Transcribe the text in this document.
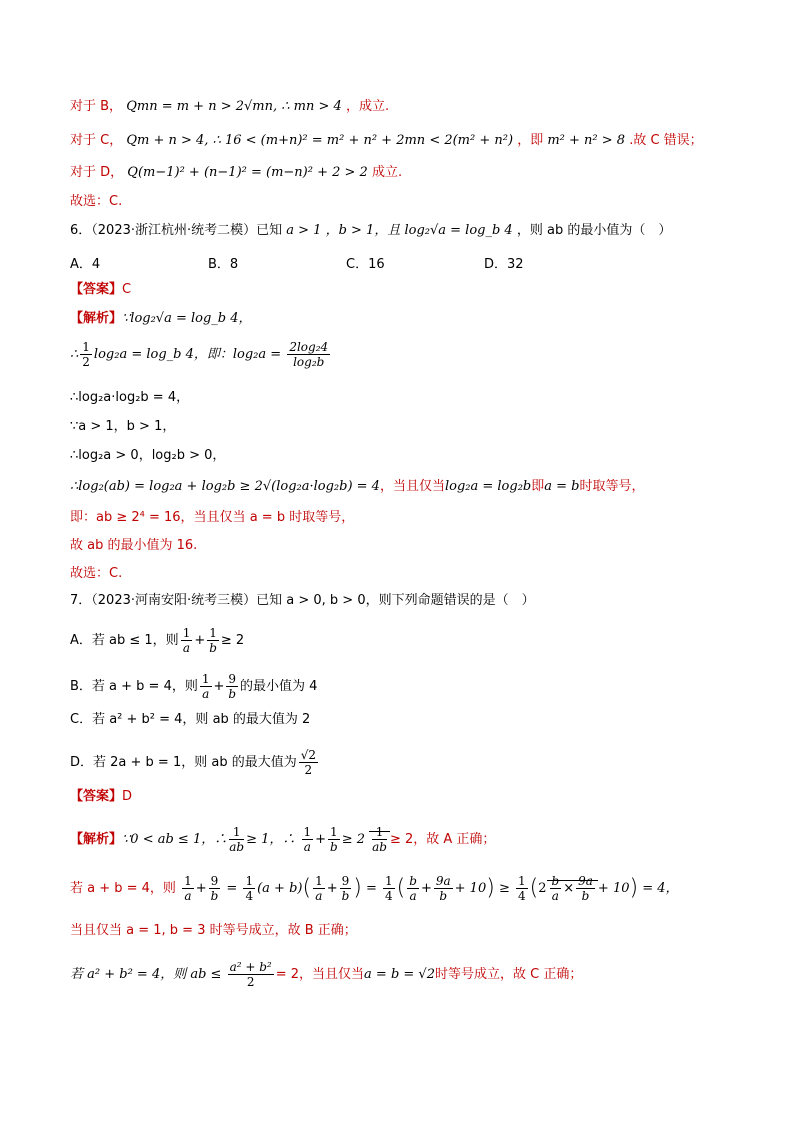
对于 B， Qmn = m + n > 2√mn, ∴ mn > 4 ，成立.
对于 C， Qm + n > 4, ∴ 16 < (m+n)² = m² + n² + 2mn < 2(m² + n²) ，即 m² + n² > 8 .故 C 错误；
对于 D， Q(m−1)² + (n−1)² = (m−n)² + 2 > 2 成立.
故选：C.
6．（2023·浙江杭州·统考二模）已知 a > 1 ，b > 1，且 log₂√a = log_b 4 ，则 ab 的最小值为（　）
A．4	B．8	C．16	D．32
【答案】C
【解析】∵log₂√a = log_b 4，
∴ $\frac{1}{2} \log_2a$ = log_b 4，即：$\log_2a = \frac{\text{2log₂4}}{\text{log₂b}}$
∴log₂a·log₂b = 4，
∵a > 1，b > 1，
∴log₂a > 0，log₂b > 0，
∴log₂(ab) = log₂a + log₂b ≥ 2√(log₂a·log₂b) = 4，当且仅当log₂a = log₂b即a = b时取等号，
即：ab ≥ 2⁴ = 16，当且仅当 a = b 时取等号，
故 ab 的最小值为 16.
故选：C.
7．（2023·河南安阳·统考三模）已知 a > 0, b > 0，则下列命题错误的是（　）
A．若 ab ≤ 1，则 $\frac{1}{a} + \frac{1}{b} \ge 2$
B．若 a + b = 4，则 $\frac{1}{a} + \frac{9}{b}$ 的最小值为 4
C．若 a² + b² = 4，则 ab 的最大值为 2
D．若 2a + b = 1，则 ab 的最大值为 $\frac{√2}{2}$
【答案】D
【解析】∵0 < ab ≤ 1，∴ $\frac{1}{ab} \ge 1$，∴ $\frac{1}{a} + \frac{1}{b} \ge 2 \frac{1}{ab} \ge 2$，故 A 正确；
若 a + b = 4，则 $\frac{1}{a} + \frac{9}{b} = \frac{1}{4} (a + b)( \frac{1}{a} + \frac{9}{b}$ ) = $\frac{1}{4}$ ( $\frac{b}{a} + \frac{9a}{b} + 10) \ge \frac{1}{4} (2 \frac{b}{a} \times \frac{9a}{b} + 10) = 4$，
当且仅当 a = 1, b = 3 时等号成立，故 B 正确；
若 a² + b² = 4，则 ab ≤ $\frac{\text{a² + b²}}{2} = 2$，当且仅当a = b = √2时等号成立，故 C 正确；
